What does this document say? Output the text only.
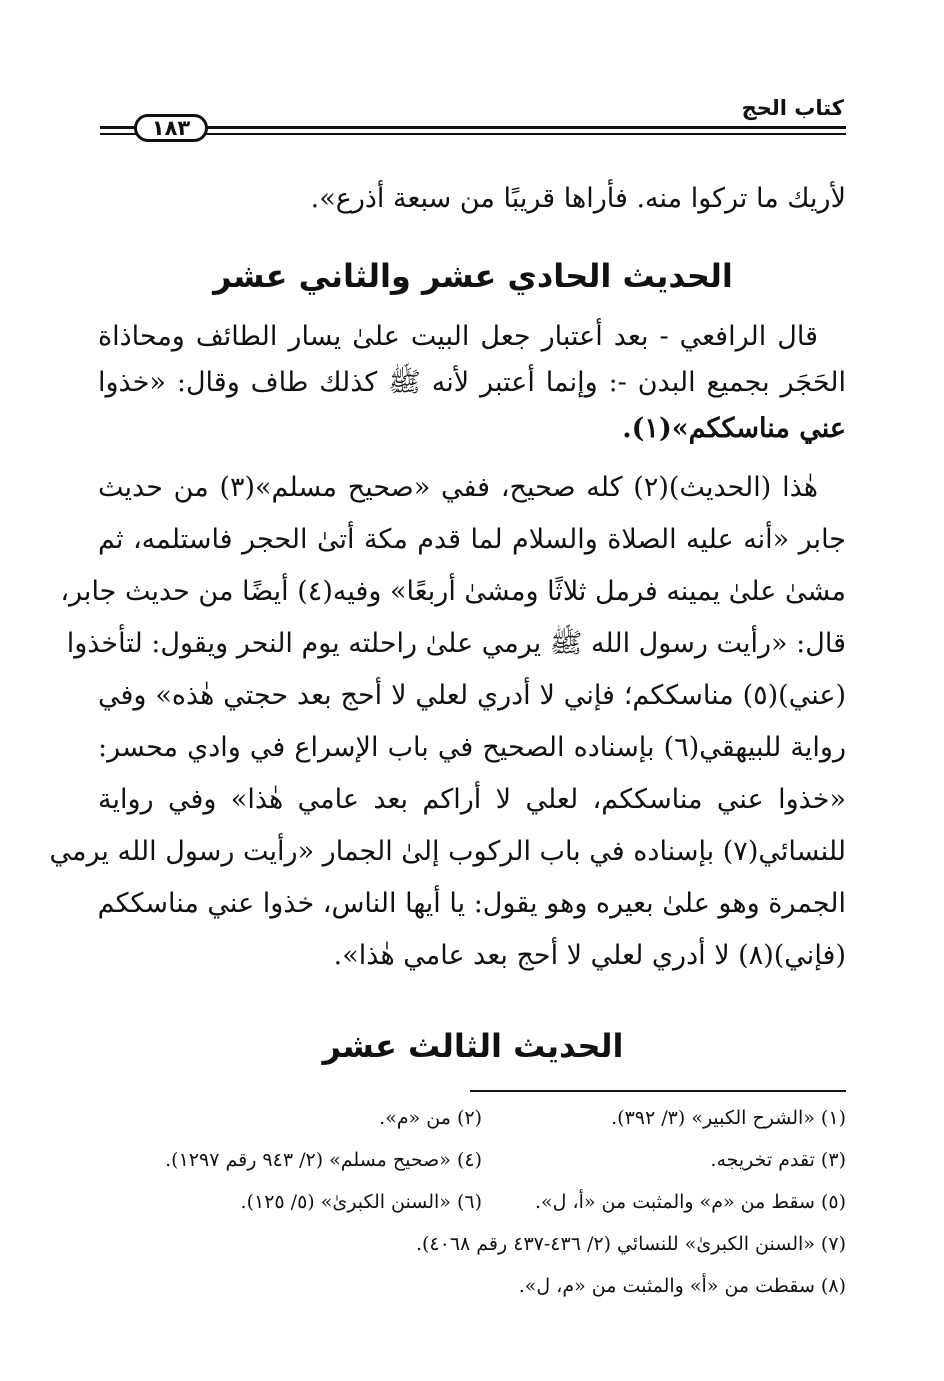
كتاب الحج
١٨٣
لأريك ما تركوا منه. فأراها قريبًا من سبعة أذرع».
الحديث الحادي عشر والثاني عشر
قال الرافعي - بعد أعتبار جعل البيت علىٰ يسار الطائف ومحاذاة
الحَجَر بجميع البدن -: وإنما أعتبر لأنه ﷺ كذلك طاف وقال: «خذوا
عني مناسككم»(١).
هٰذا (الحديث)(٢) كله صحيح، ففي «صحيح مسلم»(٣) من حديث
جابر «أنه عليه الصلاة والسلام لما قدم مكة أتىٰ الحجر فاستلمه، ثم
مشىٰ علىٰ يمينه فرمل ثلاثًا ومشىٰ أربعًا» وفيه(٤) أيضًا من حديث جابر،
قال: «رأيت رسول الله ﷺ يرمي علىٰ راحلته يوم النحر ويقول: لتأخذوا
(عني)(٥) مناسككم؛ فإني لا أدري لعلي لا أحج بعد حجتي هٰذه» وفي
رواية للبيهقي(٦) بإسناده الصحيح في باب الإسراع في وادي محسر:
«خذوا عني مناسككم، لعلي لا أراكم بعد عامي هٰذا» وفي رواية
للنسائي(٧) بإسناده في باب الركوب إلىٰ الجمار «رأيت رسول الله يرمي
الجمرة وهو علىٰ بعيره وهو يقول: يا أيها الناس، خذوا عني مناسككم
(فإني)(٨) لا أدري لعلي لا أحج بعد عامي هٰذا».
الحديث الثالث عشر
(١) «الشرح الكبير» (٣/ ٣٩٢).
(٢) من «م».
(٣) تقدم تخريجه.
(٤) «صحيح مسلم» (٢/ ٩٤٣ رقم ١٢٩٧).
(٥) سقط من «م» والمثبت من «أ، ل».
(٦) «السنن الكبرىٰ» (٥/ ١٢٥).
(٧) «السنن الكبرىٰ» للنسائي (٢/ ٤٣٦-٤٣٧ رقم ٤٠٦٨).
(٨) سقطت من «أ» والمثبت من «م، ل».
